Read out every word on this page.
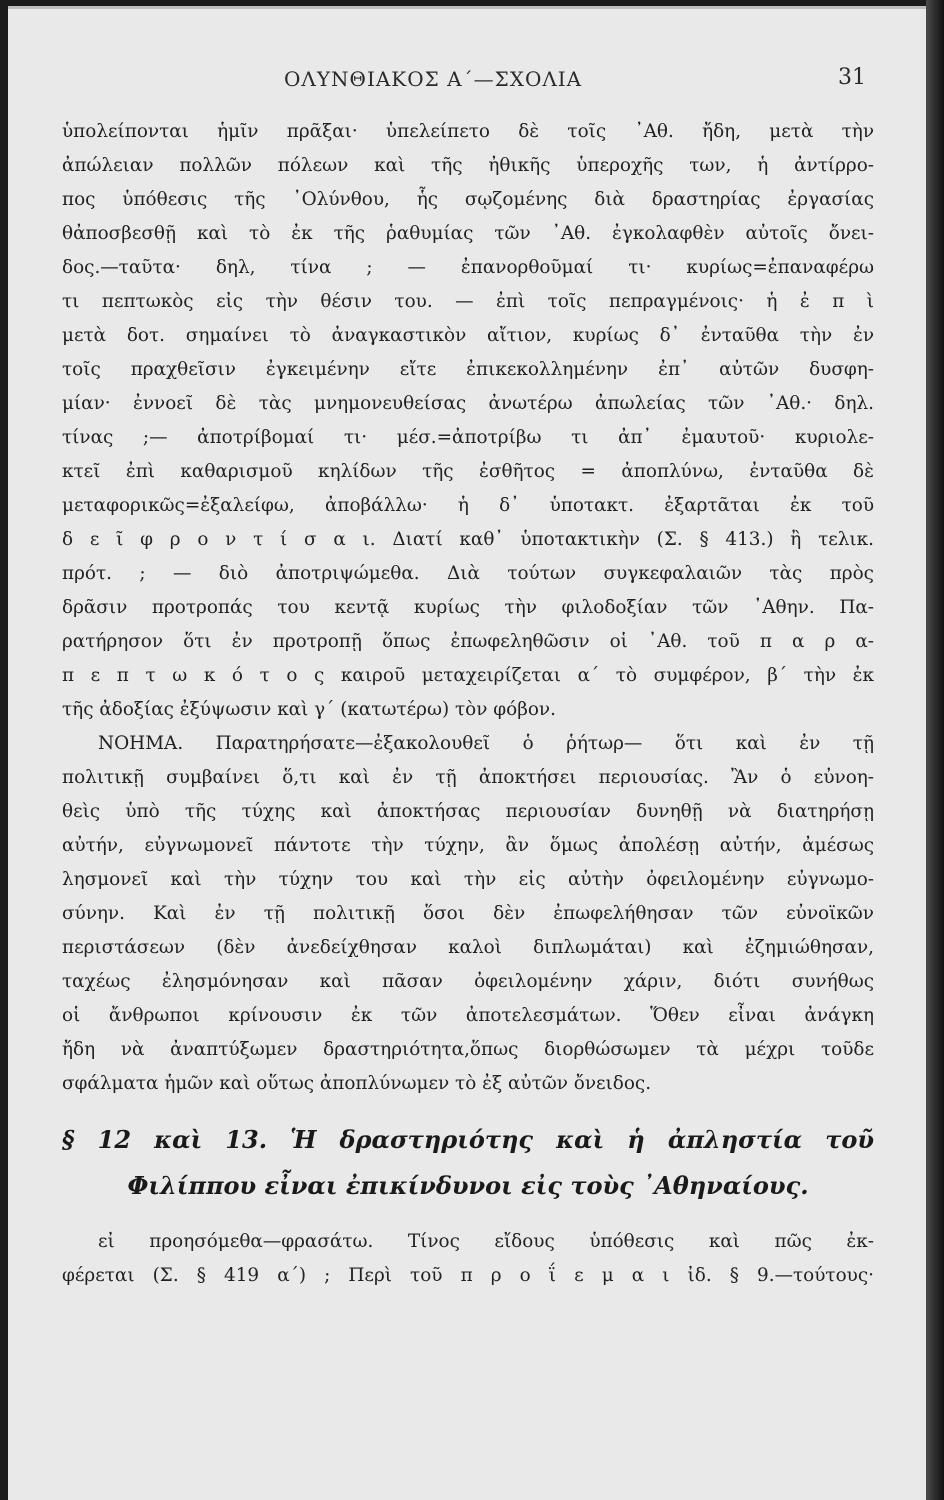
ΟΛΥΝΘΙΑΚΟΣ Α΄—ΣΧΟΛΙΑ	31
ὑπολείπονται ἡμῖν πρᾶξαι· ὑπελείπετο δὲ τοῖς ᾿Αθ. ἤδη, μετὰ τὴν
ἀπώλειαν πολλῶν πόλεων καὶ τῆς ἠθικῆς ὑπεροχῆς των, ἡ ἀντίρρο-
πος ὑπόθεσις τῆς ᾿Ολύνθου, ἧς σῳζομένης διὰ δραστηρίας ἐργασίας
θἀποσβεσθῇ καὶ τὸ ἐκ τῆς ῥαθυμίας τῶν ᾿Αθ. ἐγκολαφθὲν αὐτοῖς ὄνει-
δος.—ταῦτα· δηλ, τίνα ; — ἐπανορθοῦμαί τι· κυρίως=ἐπαναφέρω
τι πεπτωκὸς εἰς τὴν θέσιν του. — ἐπὶ τοῖς πεπραγμένοις· ἡ ἐ π ὶ
μετὰ δοτ. σημαίνει τὸ ἀναγκαστικὸν αἴτιον, κυρίως δ᾿ ἐνταῦθα τὴν ἐν
τοῖς πραχθεῖσιν ἐγκειμένην εἴτε ἐπικεκολλημένην ἐπ᾿ αὐτῶν δυσφη-
μίαν· ἐννοεῖ δὲ τὰς μνημονευθείσας ἀνωτέρω ἀπωλείας τῶν ᾿Αθ.· δηλ.
τίνας ;— ἀποτρίβομαί τι· μέσ.=ἀποτρίβω τι ἀπ᾿ ἐμαυτοῦ· κυριολε-
κτεῖ ἐπὶ καθαρισμοῦ κηλίδων τῆς ἐσθῆτος = ἀποπλύνω, ἐνταῦθα δὲ
μεταφορικῶς=ἐξαλείφω, ἀποβάλλω· ἡ δ᾿ ὑποτακτ. ἐξαρτᾶται ἐκ τοῦ
δ ε ῖ φ ρ ο ν τ ί σ α ι. Διατί καθ᾿ ὑποτακτικὴν (Σ. § 413.) ἢ τελικ.
πρότ. ; — διὸ ἀποτριψώμεθα. Διὰ τούτων συγκεφαλαιῶν τὰς πρὸς
δρᾶσιν προτροπάς του κεντᾷ κυρίως τὴν φιλοδοξίαν τῶν ᾿Αθην. Πα-
ρατήρησον ὅτι ἐν προτροπῇ ὅπως ἐπωφεληθῶσιν οἱ ᾿Αθ. τοῦ π α ρ α-
π ε π τ ω κ ό τ ο ς καιροῦ μεταχειρίζεται α΄ τὸ συμφέρον, β΄ τὴν ἐκ
τῆς ἀδοξίας ἐξύψωσιν καὶ γ΄ (κατωτέρω) τὸν φόβον.
ΝΟΗΜΑ. Παρατηρήσατε—ἐξακολουθεῖ ὁ ῥήτωρ— ὅτι καὶ ἐν τῇ
πολιτικῇ συμβαίνει ὅ,τι καὶ ἐν τῇ ἀποκτήσει περιουσίας. Ἂν ὁ εὐνοη-
θεὶς ὑπὸ τῆς τύχης καὶ ἀποκτήσας περιουσίαν δυνηθῇ νὰ διατηρήσῃ
αὐτήν, εὐγνωμονεῖ πάντοτε τὴν τύχην, ἂν ὅμως ἀπολέσῃ αὐτήν, ἀμέσως
λησμονεῖ καὶ τὴν τύχην του καὶ τὴν εἰς αὐτὴν ὀφειλομένην εὐγνωμο-
σύνην. Καὶ ἐν τῇ πολιτικῇ ὅσοι δὲν ἐπωφελήθησαν τῶν εὐνοϊκῶν
περιστάσεων (δὲν ἀνεδείχθησαν καλοὶ διπλωμάται) καὶ ἐζημιώθησαν,
ταχέως ἐλησμόνησαν καὶ πᾶσαν ὀφειλομένην χάριν, διότι συνήθως
οἱ ἄνθρωποι κρίνουσιν ἐκ τῶν ἀποτελεσμάτων. Ὅθεν εἶναι ἀνάγκη
ἤδη νὰ ἀναπτύξωμεν δραστηριότητα,ὅπως διορθώσωμεν τὰ μέχρι τοῦδε
σφάλματα ἡμῶν καὶ οὕτως ἀποπλύνωμεν τὸ ἐξ αὐτῶν ὄνειδος.
§ 12 καὶ 13. Ἡ δραστηριότης καὶ ἡ ἀπληστία τοῦ
Φιλίππου εἶναι ἐπικίνδυνοι εἰς τοὺς ᾿Αθηναίους.
εἰ προησόμεθα—φρασάτω. Τίνος εἴδους ὑπόθεσις καὶ πῶς ἐκ-
φέρεται (Σ. § 419 α΄) ; Περὶ τοῦ π ρ ο ΐ ε μ α ι ἰδ. § 9.—τούτους·
